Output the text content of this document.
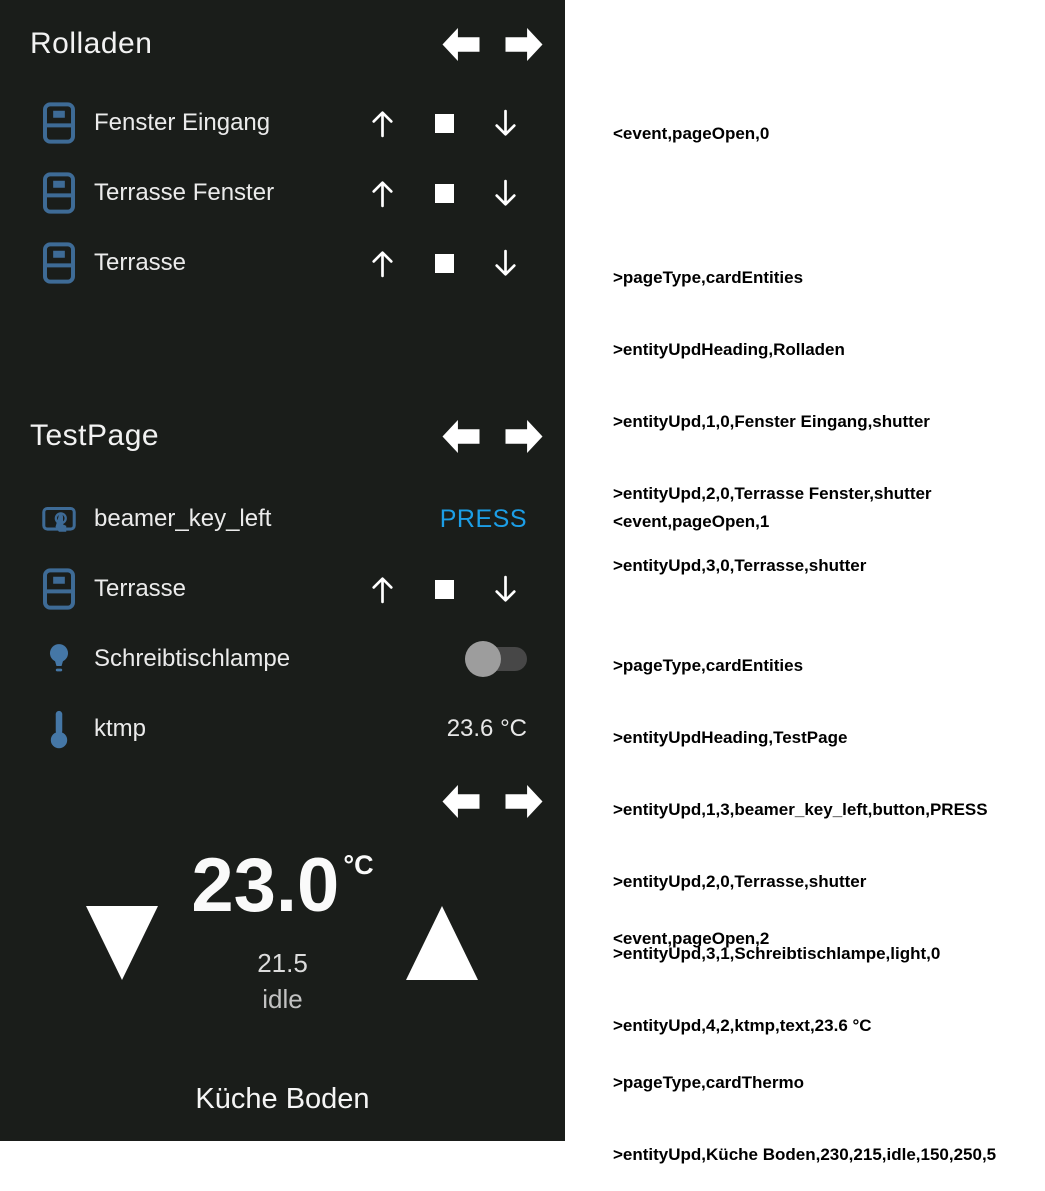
Rolladen
Fenster Eingang
Terrasse Fenster
Terrasse
TestPage
beamer_key_left	PRESS
Terrasse
Schreibtischlampe
ktmp	23.6 °C
23.0 °C
21.5
idle
Küche Boden

<event,pageOpen,0

>pageType,cardEntities

>entityUpdHeading,Rolladen

>entityUpd,1,0,Fenster Eingang,shutter

>entityUpd,2,0,Terrasse Fenster,shutter

>entityUpd,3,0,Terrasse,shutter

<event,pageOpen,1

>pageType,cardEntities

>entityUpdHeading,TestPage

>entityUpd,1,3,beamer_key_left,button,PRESS

>entityUpd,2,0,Terrasse,shutter

>entityUpd,3,1,Schreibtischlampe,light,0

>entityUpd,4,2,ktmp,text,23.6 °C

<event,pageOpen,2

>pageType,cardThermo

>entityUpd,Küche Boden,230,215,idle,150,250,5
